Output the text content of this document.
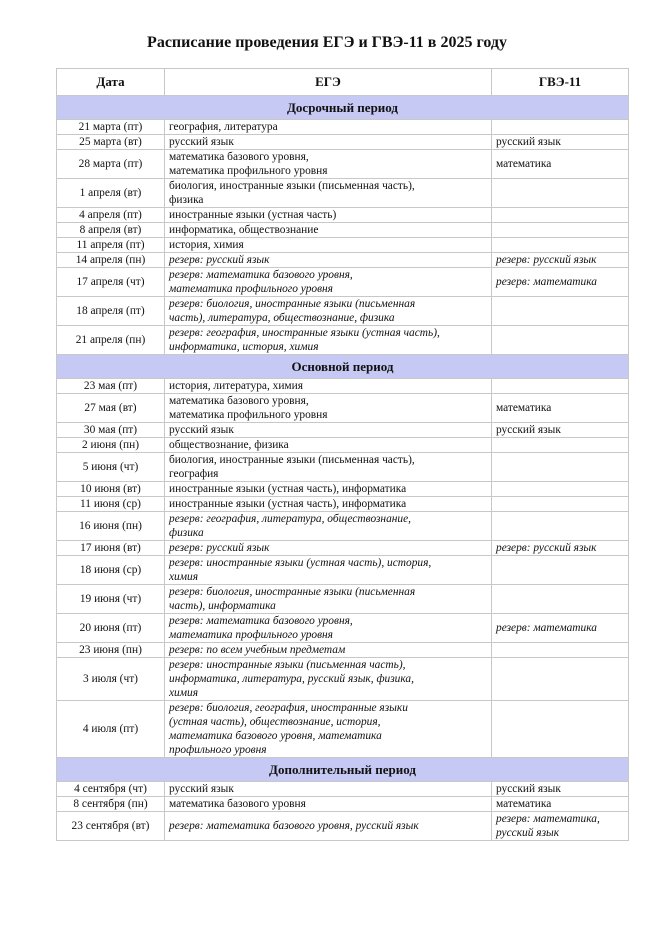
Расписание проведения ЕГЭ и ГВЭ-11 в 2025 году
Дата	ЕГЭ	ГВЭ-11
Досрочный период		
21 марта (пт)	география, литература	

25 марта (вт)	русский язык	русский язык

28 марта (пт)	математика базового уровня,
математика профильного уровня	математика

1 апреля (вт)	биология, иностранные языки (письменная часть),
физика	

4 апреля (пт)	иностранные языки (устная часть)	

8 апреля (вт)	информатика, обществознание	

11 апреля (пт)	история, химия	

14 апреля (пн)	резерв: русский язык	резерв: русский язык

17 апреля (чт)	резерв: математика базового уровня,
математика профильного уровня	резерв: математика

18 апреля (пт)	резерв: биология, иностранные языки (письменная
часть), литература, обществознание, физика	

21 апреля (пн)	резерв: география, иностранные языки (устная часть),
информатика, история, химия	

Основной период		
23 мая (пт)	история, литература, химия	

27 мая (вт)	математика базового уровня,
математика профильного уровня	математика

30 мая (пт)	русский язык	русский язык

2 июня (пн)	обществознание, физика	

5 июня (чт)	биология, иностранные языки (письменная часть),
география	

10 июня (вт)	иностранные языки (устная часть), информатика	

11 июня (ср)	иностранные языки (устная часть), информатика	

16 июня (пн)	резерв: география, литература, обществознание,
физика	

17 июня (вт)	резерв: русский язык	резерв: русский язык

18 июня (ср)	резерв: иностранные языки (устная часть), история,
химия	

19 июня (чт)	резерв: биология, иностранные языки (письменная
часть), информатика	

20 июня (пт)	резерв: математика базового уровня,
математика профильного уровня	резерв: математика

23 июня (пн)	резерв: по всем учебным предметам	

3 июля (чт)	резерв: иностранные языки (письменная часть),
информатика, литература, русский язык, физика,
химия	

4 июля (пт)	резерв: биология, география, иностранные языки
(устная часть), обществознание, история,
математика базового уровня, математика
профильного уровня	

Дополнительный период		
4 сентября (чт)	русский язык	русский язык

8 сентября (пн)	математика базового уровня	математика

23 сентября (вт)	резерв: математика базового уровня, русский язык	резерв: математика,
русский язык
